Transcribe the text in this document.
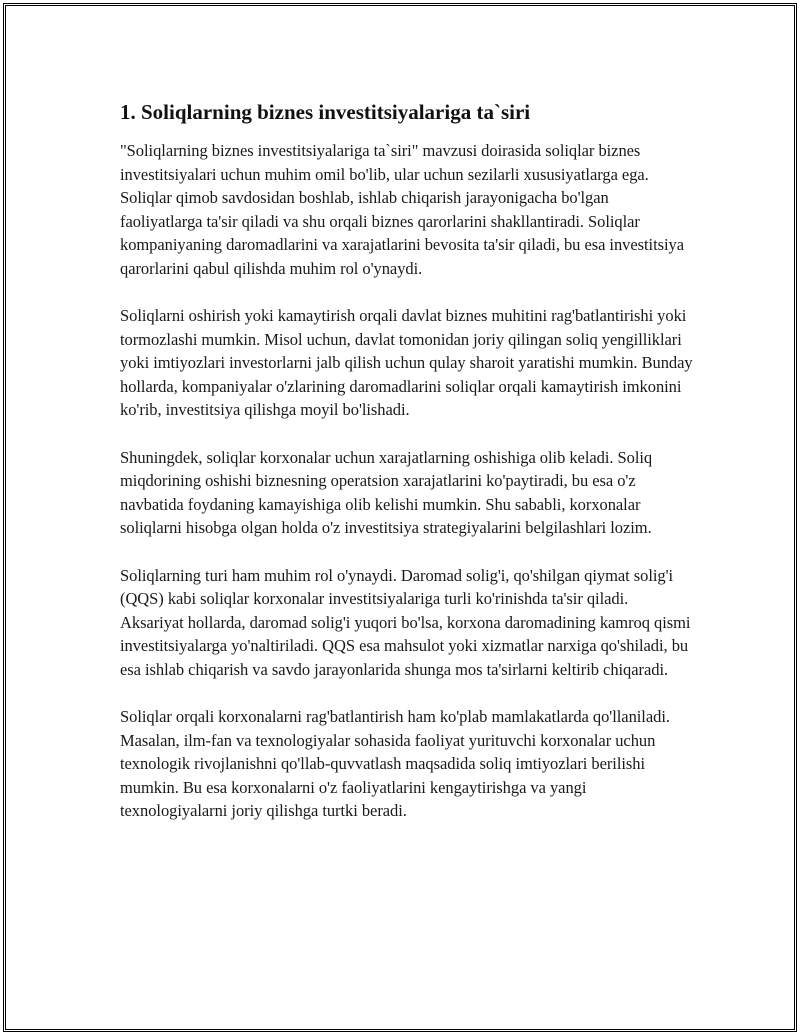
1. Soliqlarning biznes investitsiyalariga ta`siri

"Soliqlarning biznes investitsiyalariga ta`siri" mavzusi doirasida soliqlar biznes investitsiyalari uchun muhim omil bo'lib, ular uchun sezilarli xususiyatlarga ega. Soliqlar qimob savdosidan boshlab, ishlab chiqarish jarayonigacha bo'lgan faoliyatlarga ta'sir qiladi va shu orqali biznes qarorlarini shakllantiradi. Soliqlar kompaniyaning daromadlarini va xarajatlarini bevosita ta'sir qiladi, bu esa investitsiya qarorlarini qabul qilishda muhim rol o'ynaydi.

Soliqlarni oshirish yoki kamaytirish orqali davlat biznes muhitini rag'batlantirishi yoki tormozlashi mumkin. Misol uchun, davlat tomonidan joriy qilingan soliq yengilliklari yoki imtiyozlari investorlarni jalb qilish uchun qulay sharoit yaratishi mumkin. Bunday hollarda, kompaniyalar o'zlarining daromadlarini soliqlar orqali kamaytirish imkonini ko'rib, investitsiya qilishga moyil bo'lishadi.

Shuningdek, soliqlar korxonalar uchun xarajatlarning oshishiga olib keladi. Soliq miqdorining oshishi biznesning operatsion xarajatlarini ko'paytiradi, bu esa o'z navbatida foydaning kamayishiga olib kelishi mumkin. Shu sababli, korxonalar soliqlarni hisobga olgan holda o'z investitsiya strategiyalarini belgilashlari lozim.

Soliqlarning turi ham muhim rol o'ynaydi. Daromad solig'i, qo'shilgan qiymat solig'i (QQS) kabi soliqlar korxonalar investitsiyalariga turli ko'rinishda ta'sir qiladi. Aksariyat hollarda, daromad solig'i yuqori bo'lsa, korxona daromadining kamroq qismi investitsiyalarga yo'naltiriladi. QQS esa mahsulot yoki xizmatlar narxiga qo'shiladi, bu esa ishlab chiqarish va savdo jarayonlarida shunga mos ta'sirlarni keltirib chiqaradi.

Soliqlar orqali korxonalarni rag'batlantirish ham ko'plab mamlakatlarda qo'llaniladi. Masalan, ilm-fan va texnologiyalar sohasida faoliyat yurituvchi korxonalar uchun texnologik rivojlanishni qo'llab-quvvatlash maqsadida soliq imtiyozlari berilishi mumkin. Bu esa korxonalarni o'z faoliyatlarini kengaytirishga va yangi texnologiyalarni joriy qilishga turtki beradi.
